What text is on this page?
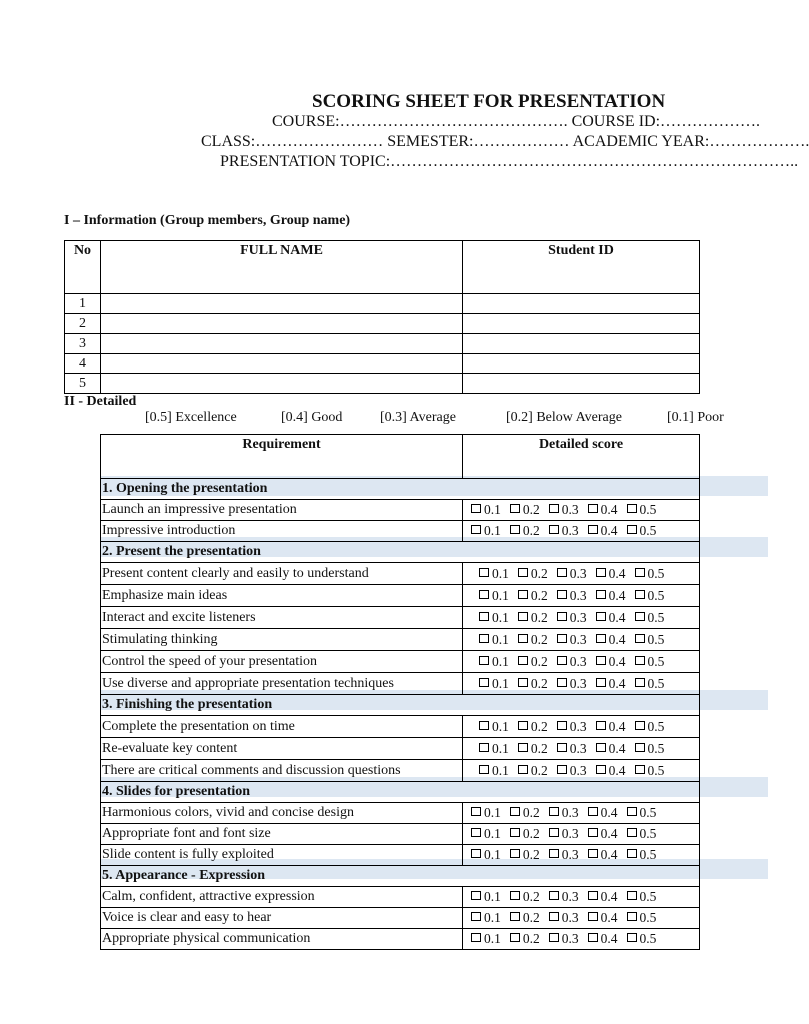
SCORING SHEET FOR PRESENTATION
COURSE:……………………………………. COURSE ID:……………….
CLASS:…………………… SEMESTER:……………… ACADEMIC YEAR:……………….
PRESENTATION TOPIC:…………………………………………………………………..
I – Information (Group members, Group name)
No	FULL NAME	Student ID
1		
2		
3		
4		
5		
II - Detailed
[0.5] Excellence	[0.4] Good	[0.3] Average	[0.2] Below Average	[0.1] Poor
Requirement	Detailed score
1. Opening the presentation	
Launch an impressive presentation	0.1 0.2 0.3 0.4 0.5
Impressive introduction	0.1 0.2 0.3 0.4 0.5
2. Present the presentation	
Present content clearly and easily to understand	0.1 0.2 0.3 0.4 0.5
Emphasize main ideas	0.1 0.2 0.3 0.4 0.5
Interact and excite listeners	0.1 0.2 0.3 0.4 0.5
Stimulating thinking	0.1 0.2 0.3 0.4 0.5
Control the speed of your presentation	0.1 0.2 0.3 0.4 0.5
Use diverse and appropriate presentation techniques	0.1 0.2 0.3 0.4 0.5
3. Finishing the presentation	
Complete the presentation on time	0.1 0.2 0.3 0.4 0.5
Re-evaluate key content	0.1 0.2 0.3 0.4 0.5
There are critical comments and discussion questions	0.1 0.2 0.3 0.4 0.5
4. Slides for presentation	
Harmonious colors, vivid and concise design	0.1 0.2 0.3 0.4 0.5
Appropriate font and font size	0.1 0.2 0.3 0.4 0.5
Slide content is fully exploited	0.1 0.2 0.3 0.4 0.5
5. Appearance - Expression	
Calm, confident, attractive expression	0.1 0.2 0.3 0.4 0.5
Voice is clear and easy to hear	0.1 0.2 0.3 0.4 0.5
Appropriate physical communication	0.1 0.2 0.3 0.4 0.5
